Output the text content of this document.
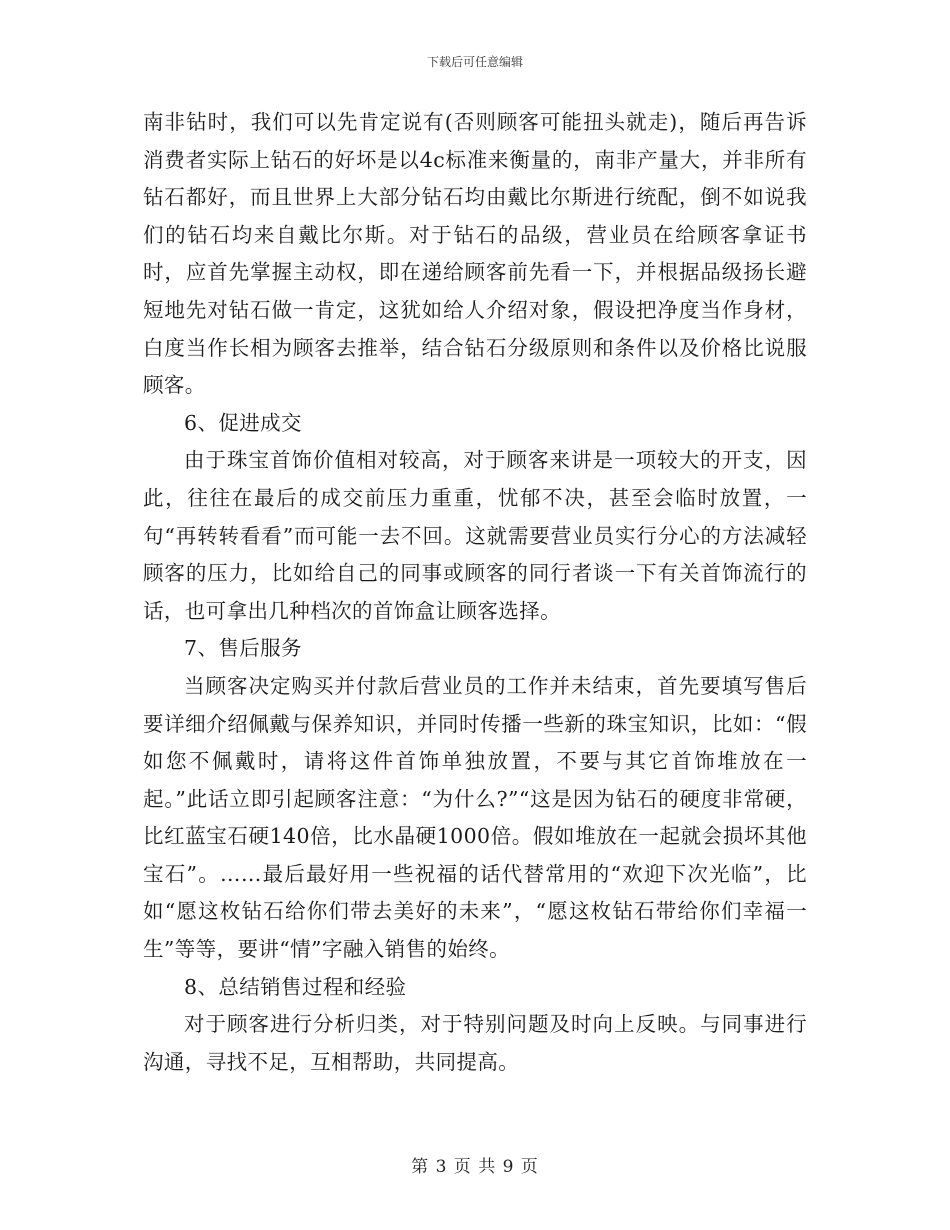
下载后可任意编辑

南非钻时，我们可以先肯定说有(否则顾客可能扭头就走)，随后再告诉消费者实际上钻石的好坏是以4c标准来衡量的，南非产量大，并非所有钻石都好，而且世界上大部分钻石均由戴比尔斯进行统配，倒不如说我们的钻石均来自戴比尔斯。对于钻石的品级，营业员在给顾客拿证书时，应首先掌握主动权，即在递给顾客前先看一下，并根据品级扬长避短地先对钻石做一肯定，这犹如给人介绍对象，假设把净度当作身材，白度当作长相为顾客去推举，结合钻石分级原则和条件以及价格比说服顾客。

6、促进成交

由于珠宝首饰价值相对较高，对于顾客来讲是一项较大的开支，因此，往往在最后的成交前压力重重，忧郁不决，甚至会临时放置，一句“再转转看看”而可能一去不回。这就需要营业员实行分心的方法减轻顾客的压力，比如给自己的同事或顾客的同行者谈一下有关首饰流行的话，也可拿出几种档次的首饰盒让顾客选择。

7、售后服务

当顾客决定购买并付款后营业员的工作并未结束，首先要填写售后要详细介绍佩戴与保养知识，并同时传播一些新的珠宝知识，比如：“假如您不佩戴时，请将这件首饰单独放置，不要与其它首饰堆放在一起。”此话立即引起顾客注意：“为什么?”“这是因为钻石的硬度非常硬，比红蓝宝石硬140倍，比水晶硬1000倍。假如堆放在一起就会损坏其他宝石”。……最后最好用一些祝福的话代替常用的“欢迎下次光临”，比如“愿这枚钻石给你们带去美好的未来”，“愿这枚钻石带给你们幸福一生”等等，要讲“情”字融入销售的始终。

8、总结销售过程和经验

对于顾客进行分析归类，对于特别问题及时向上反映。与同事进行沟通，寻找不足，互相帮助，共同提高。

第 3 页 共 9 页
